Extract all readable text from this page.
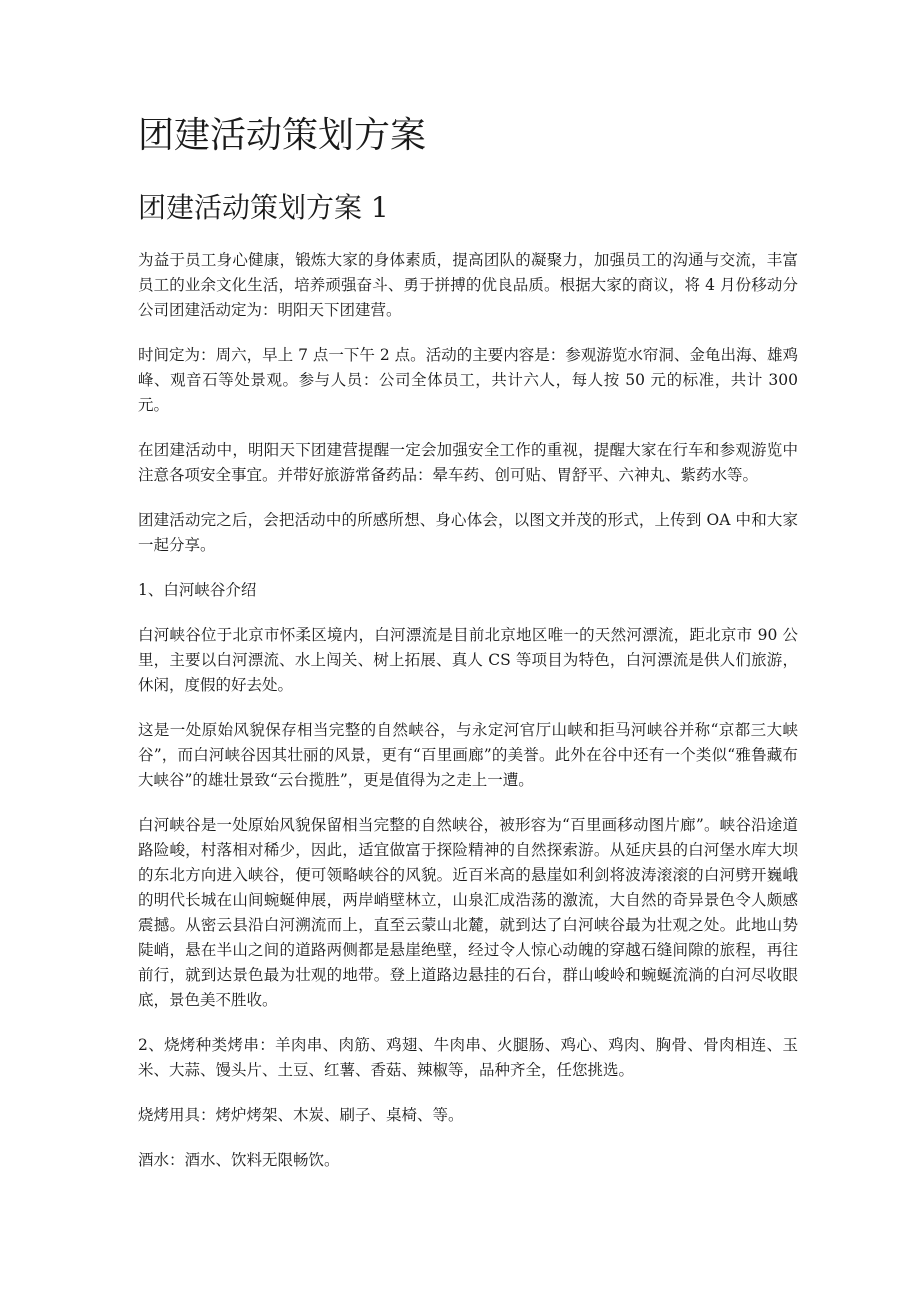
团建活动策划方案
团建活动策划方案 1

为益于员工身心健康，锻炼大家的身体素质，提高团队的凝聚力，加强员工的沟通与交流，丰富员工的业余文化生活，培养顽强奋斗、勇于拼搏的优良品质。根据大家的商议，将 4 月份移动分公司团建活动定为：明阳天下团建营。

时间定为：周六，早上 7 点一下午 2 点。活动的主要内容是：参观游览水帘洞、金龟出海、雄鸡峰、观音石等处景观。参与人员：公司全体员工，共计六人，每人按 50 元的标准，共计 300 元。

在团建活动中，明阳天下团建营提醒一定会加强安全工作的重视，提醒大家在行车和参观游览中注意各项安全事宜。并带好旅游常备药品：晕车药、创可贴、胃舒平、六神丸、紫药水等。

团建活动完之后，会把活动中的所感所想、身心体会，以图文并茂的形式，上传到 OA 中和大家一起分享。

1、白河峡谷介绍

白河峡谷位于北京市怀柔区境内，白河漂流是目前北京地区唯一的天然河漂流，距北京市 90 公里，主要以白河漂流、水上闯关、树上拓展、真人 CS 等项目为特色，白河漂流是供人们旅游，休闲，度假的好去处。

这是一处原始风貌保存相当完整的自然峡谷，与永定河官厅山峡和拒马河峡谷并称“京都三大峡谷”，而白河峡谷因其壮丽的风景，更有“百里画廊”的美誉。此外在谷中还有一个类似“雅鲁藏布大峡谷”的雄壮景致“云台揽胜”，更是值得为之走上一遭。

白河峡谷是一处原始风貌保留相当完整的自然峡谷，被形容为“百里画移动图片廊”。峡谷沿途道路险峻，村落相对稀少，因此，适宜做富于探险精神的自然探索游。从延庆县的白河堡水库大坝的东北方向进入峡谷，便可领略峡谷的风貌。近百米高的悬崖如利剑将波涛滚滚的白河劈开巍峨的明代长城在山间蜿蜒伸展，两岸峭壁林立，山泉汇成浩荡的激流，大自然的奇异景色令人颇感震撼。从密云县沿白河溯流而上，直至云蒙山北麓，就到达了白河峡谷最为壮观之处。此地山势陡峭，悬在半山之间的道路两侧都是悬崖绝壁，经过令人惊心动魄的穿越石缝间隙的旅程，再往前行，就到达景色最为壮观的地带。登上道路边悬挂的石台，群山峻岭和蜿蜒流淌的白河尽收眼底，景色美不胜收。

2、烧烤种类烤串：羊肉串、肉筋、鸡翅、牛肉串、火腿肠、鸡心、鸡肉、胸骨、骨肉相连、玉米、大蒜、馒头片、土豆、红薯、香菇、辣椒等，品种齐全，任您挑选。

烧烤用具：烤炉烤架、木炭、刷子、桌椅、等。

酒水：酒水、饮料无限畅饮。
